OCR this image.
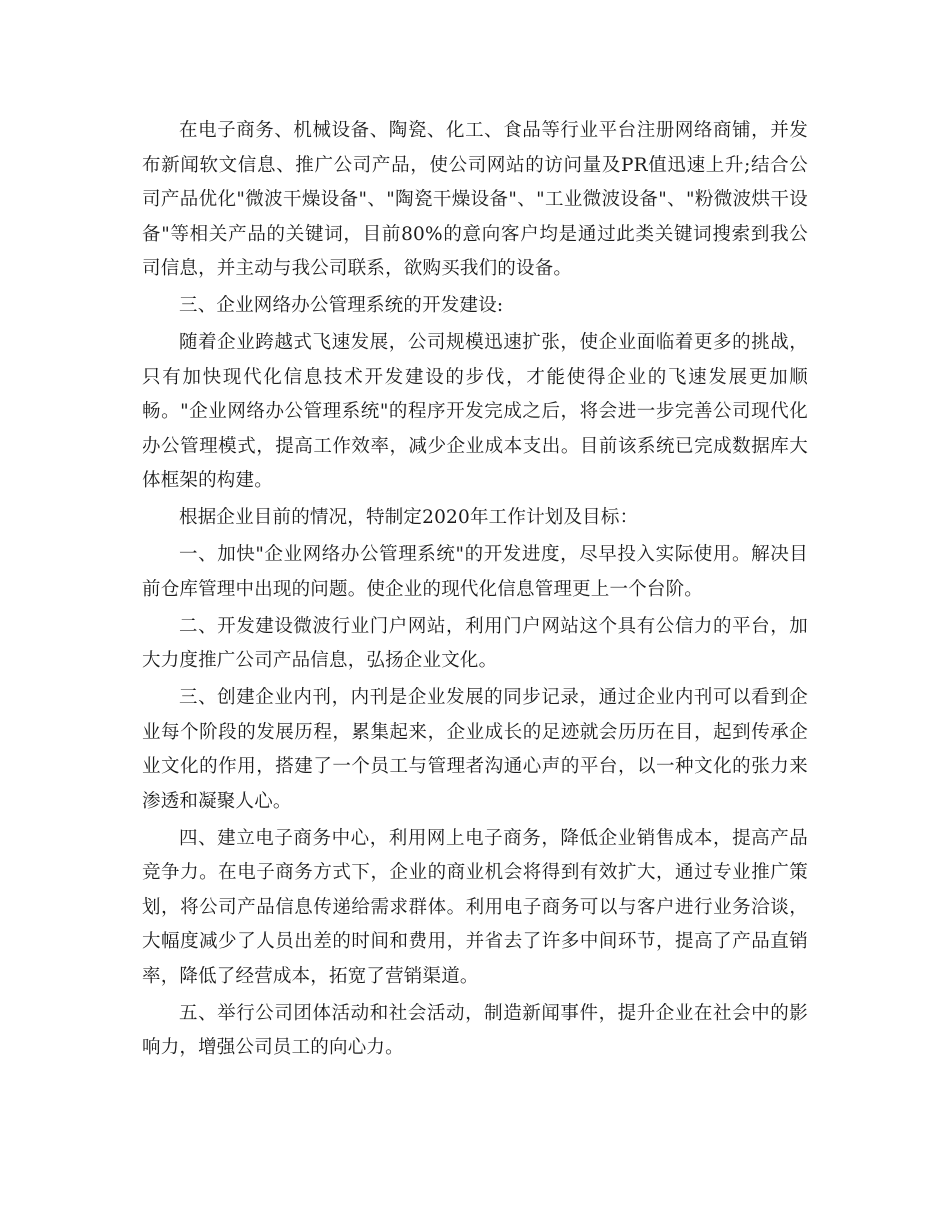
在电子商务、机械设备、陶瓷、化工、食品等行业平台注册网络商铺，并发布新闻软文信息、推广公司产品，使公司网站的访问量及PR值迅速上升;结合公司产品优化"微波干燥设备"、"陶瓷干燥设备"、"工业微波设备"、"粉微波烘干设备"等相关产品的关键词，目前80%的意向客户均是通过此类关键词搜索到我公司信息，并主动与我公司联系，欲购买我们的设备。

三、企业网络办公管理系统的开发建设:

随着企业跨越式飞速发展，公司规模迅速扩张，使企业面临着更多的挑战，只有加快现代化信息技术开发建设的步伐，才能使得企业的飞速发展更加顺畅。"企业网络办公管理系统"的程序开发完成之后，将会进一步完善公司现代化办公管理模式，提高工作效率，减少企业成本支出。目前该系统已完成数据库大体框架的构建。

根据企业目前的情况，特制定2020年工作计划及目标：

一、加快"企业网络办公管理系统"的开发进度，尽早投入实际使用。解决目前仓库管理中出现的问题。使企业的现代化信息管理更上一个台阶。

二、开发建设微波行业门户网站，利用门户网站这个具有公信力的平台，加大力度推广公司产品信息，弘扬企业文化。

三、创建企业内刊，内刊是企业发展的同步记录，通过企业内刊可以看到企业每个阶段的发展历程，累集起来，企业成长的足迹就会历历在目，起到传承企业文化的作用，搭建了一个员工与管理者沟通心声的平台，以一种文化的张力来渗透和凝聚人心。

四、建立电子商务中心，利用网上电子商务，降低企业销售成本，提高产品竞争力。在电子商务方式下，企业的商业机会将得到有效扩大，通过专业推广策划，将公司产品信息传递给需求群体。利用电子商务可以与客户进行业务洽谈，大幅度减少了人员出差的时间和费用，并省去了许多中间环节，提高了产品直销率，降低了经营成本，拓宽了营销渠道。

五、举行公司团体活动和社会活动，制造新闻事件，提升企业在社会中的影响力，增强公司员工的向心力。
